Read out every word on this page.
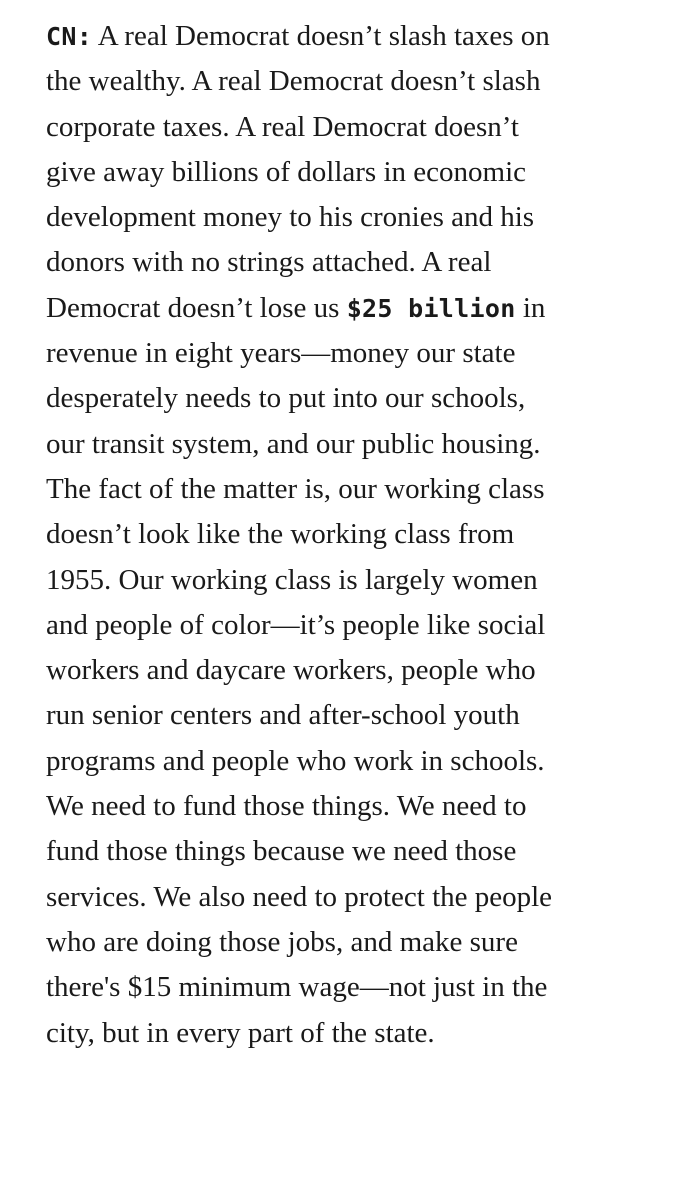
CN: A real Democrat doesn’t slash taxes on
the wealthy. A real Democrat doesn’t slash
corporate taxes. A real Democrat doesn’t
give away billions of dollars in economic
development money to his cronies and his
donors with no strings attached. A real
Democrat doesn’t lose us $25 billion in
revenue in eight years—money our state
desperately needs to put into our schools,
our transit system, and our public housing.
The fact of the matter is, our working class
doesn’t look like the working class from
1955. Our working class is largely women
and people of color—it’s people like social
workers and daycare workers, people who
run senior centers and after-school youth
programs and people who work in schools.
We need to fund those things. We need to
fund those things because we need those
services. We also need to protect the people
who are doing those jobs, and make sure
there's $15 minimum wage—not just in the
city, but in every part of the state.
